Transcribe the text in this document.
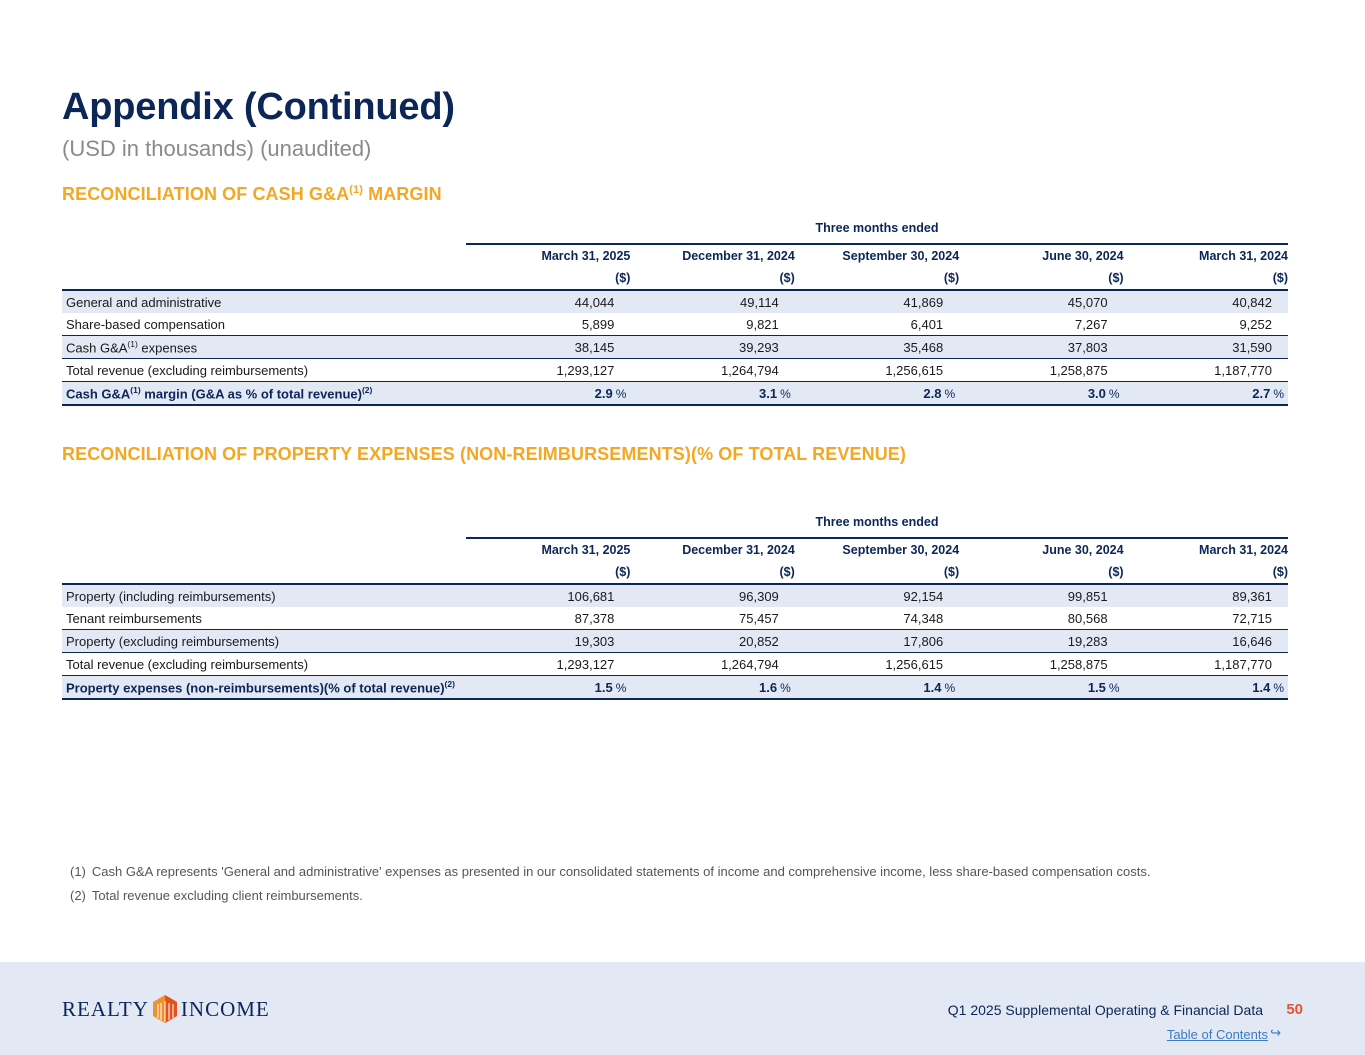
Appendix (Continued)
(USD in thousands) (unaudited)
RECONCILIATION OF CASH $G\&A^{(1)}$ MARGIN
	Three months ended				
	March 31, 2025	December 31, 2024	September 30, 2024	June 30, 2024	March 31, 2024
	($)	($)	($)	($)	($)
General and administrative	44,044	49,114	41,869	45,070	40,842
Share-based compensation	5,899	9,821	6,401	7,267	9,252
Cash G&A$^{(1)}$ expenses	38,145	39,293	35,468	37,803	31,590
Total revenue (excluding reimbursements)	1,293,127	1,264,794	1,256,615	1,258,875	1,187,770
Cash G&A$^{(1)}$ margin (G&A as % of total revenue)$^{(2)}$	2.9 %	3.1 %	2.8 %	3.0 %	2.7 %
RECONCILIATION OF PROPERTY EXPENSES (NON-REIMBURSEMENTS)(% OF TOTAL REVENUE)
	Three months ended				
	March 31, 2025	December 31, 2024	September 30, 2024	June 30, 2024	March 31, 2024
	($)	($)	($)	($)	($)
Property (including reimbursements)	106,681	96,309	92,154	99,851	89,361
Tenant reimbursements	87,378	75,457	74,348	80,568	72,715
Property (excluding reimbursements)	19,303	20,852	17,806	19,283	16,646
Total revenue (excluding reimbursements)	1,293,127	1,264,794	1,256,615	1,258,875	1,187,770
Property expenses (non-reimbursements)(% of total revenue)$^{(2)}$	1.5 %	1.6 %	1.4 %	1.5 %	1.4 %
(1) Cash G&A represents 'General and administrative' expenses as presented in our consolidated statements of income and comprehensive income, less share-based compensation costs.
(2) Total revenue excluding client reimbursements.
REALTY INCOME	Q1 2025 Supplemental Operating & Financial Data 50
Table of Contents ↪
